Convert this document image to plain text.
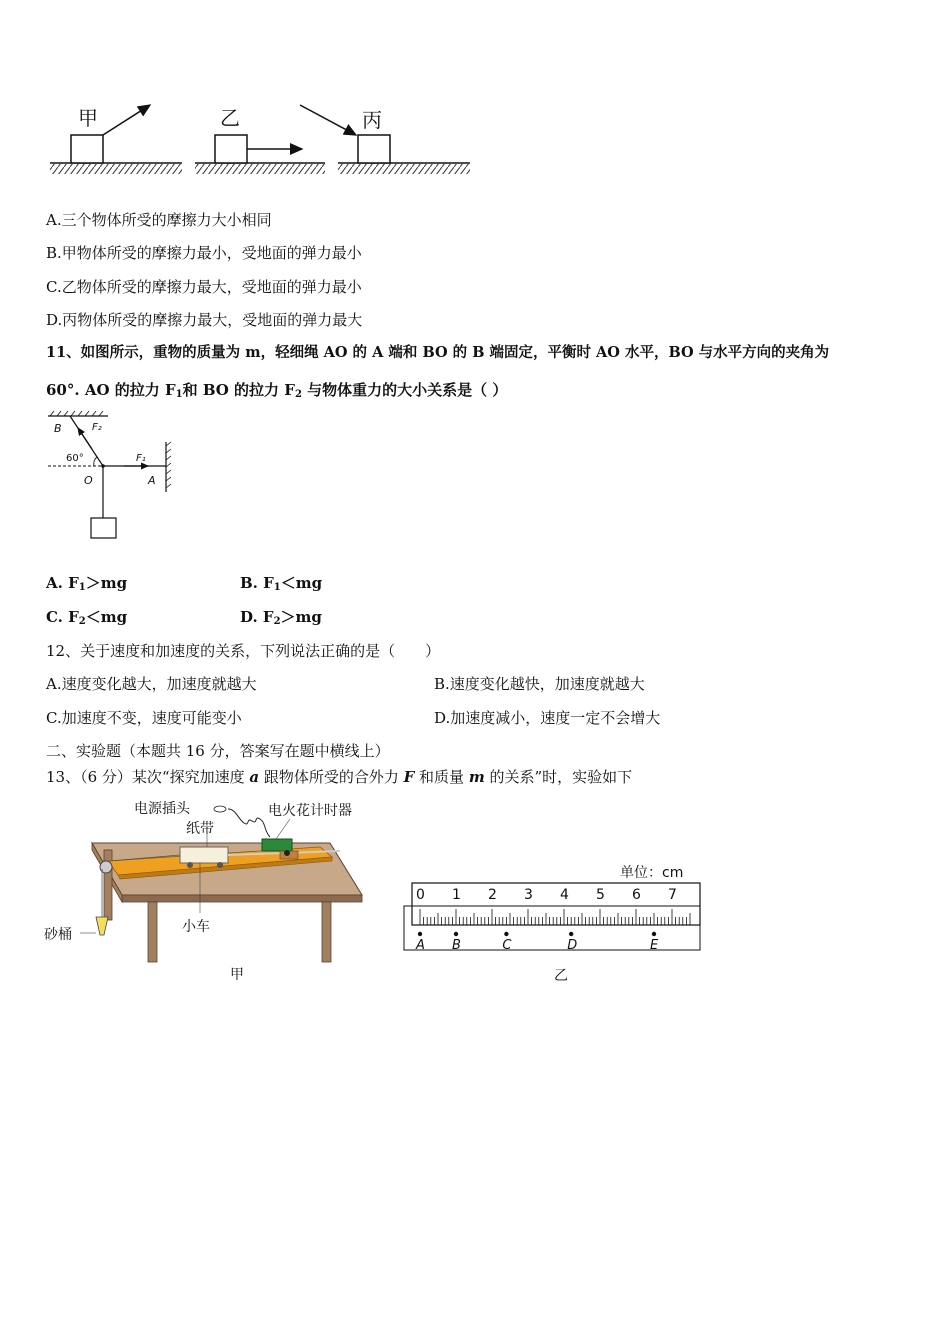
甲	乙	丙
A.三个物体所受的摩擦力大小相同
B.甲物体所受的摩擦力最小，受地面的弹力最小
C.乙物体所受的摩擦力最大，受地面的弹力最小
D.丙物体所受的摩擦力最大，受地面的弹力最大
11、如图所示，重物的质量为 m，轻细绳 AO 的 A 端和 BO 的 B 端固定，平衡时 AO 水平，BO 与水平方向的夹角为
60°. AO 的拉力 $F_1$和 BO 的拉力 $F_2$ 与物体重力的大小关系是（ ）
B	F₂
60°	F₁
O	A
A. $F_1>mg$	B. $F_1<mg$
C. $F_2<mg$	D. $F_2>mg$
12、关于速度和加速度的关系，下列说法正确的是（　　）
A.速度变化越大，加速度就越大	B.速度变化越快，加速度就越大
C.加速度不变，速度可能变小	D.加速度减小，速度一定不会增大
二、实验题（本题共 16 分，答案写在题中横线上）
13、（6 分）某次“探究加速度 a 跟物体所受的合外力 F 和质量 m 的关系”时，实验如下
电源插头	电火花计时器
纸带
小车
砂桶
甲
单位：cm
0 1 2 3 4 5 6 7
A B	C	D	E
乙
